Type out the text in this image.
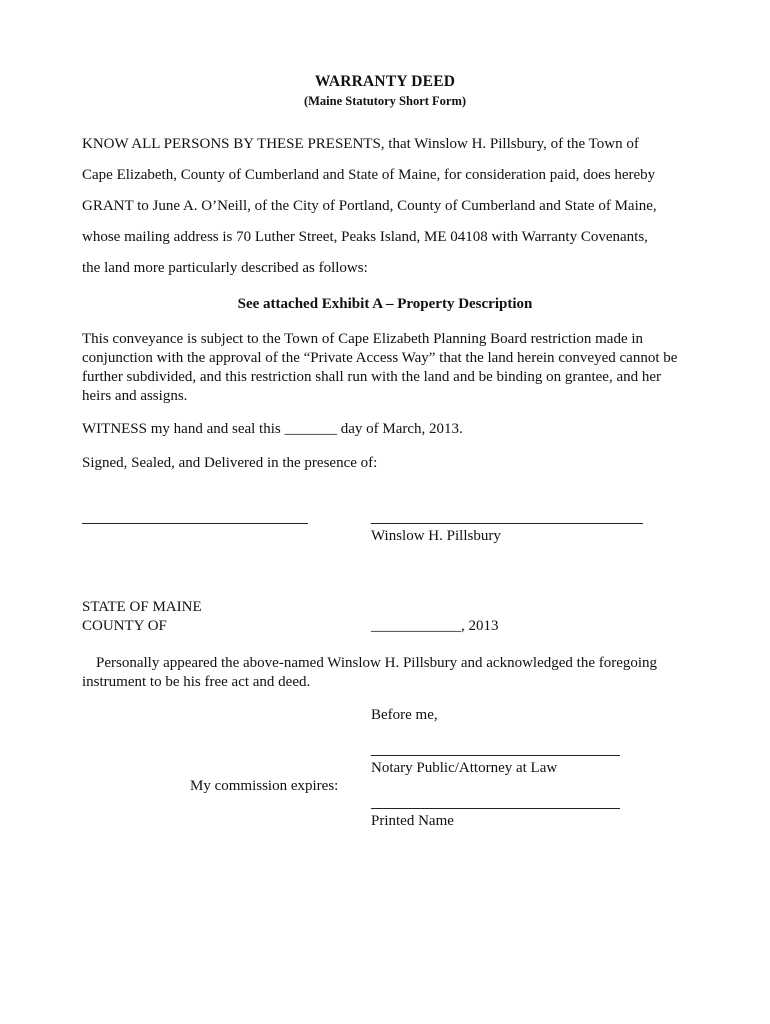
WARRANTY DEED
(Maine Statutory Short Form)
KNOW ALL PERSONS BY THESE PRESENTS, that Winslow H. Pillsbury, of the Town of
Cape Elizabeth, County of Cumberland and State of Maine, for consideration paid, does hereby
GRANT to June A. O’Neill, of the City of Portland, County of Cumberland and State of Maine,
whose mailing address is 70 Luther Street, Peaks Island, ME 04108 with Warranty Covenants,
the land more particularly described as follows:
See attached Exhibit A – Property Description
This conveyance is subject to the Town of Cape Elizabeth Planning Board restriction made in conjunction with the approval of the “Private Access Way” that the land herein conveyed cannot be further subdivided, and this restriction shall run with the land and be binding on grantee, and her heirs and assigns.
WITNESS my hand and seal this _______ day of March, 2013.
Signed, Sealed, and Delivered in the presence of:
Winslow H. Pillsbury
STATE OF MAINE
COUNTY OF	____________, 2013
Personally appeared the above-named Winslow H. Pillsbury and acknowledged the foregoing instrument to be his free act and deed.
Before me,
Notary Public/Attorney at Law
My commission expires:
Printed Name
